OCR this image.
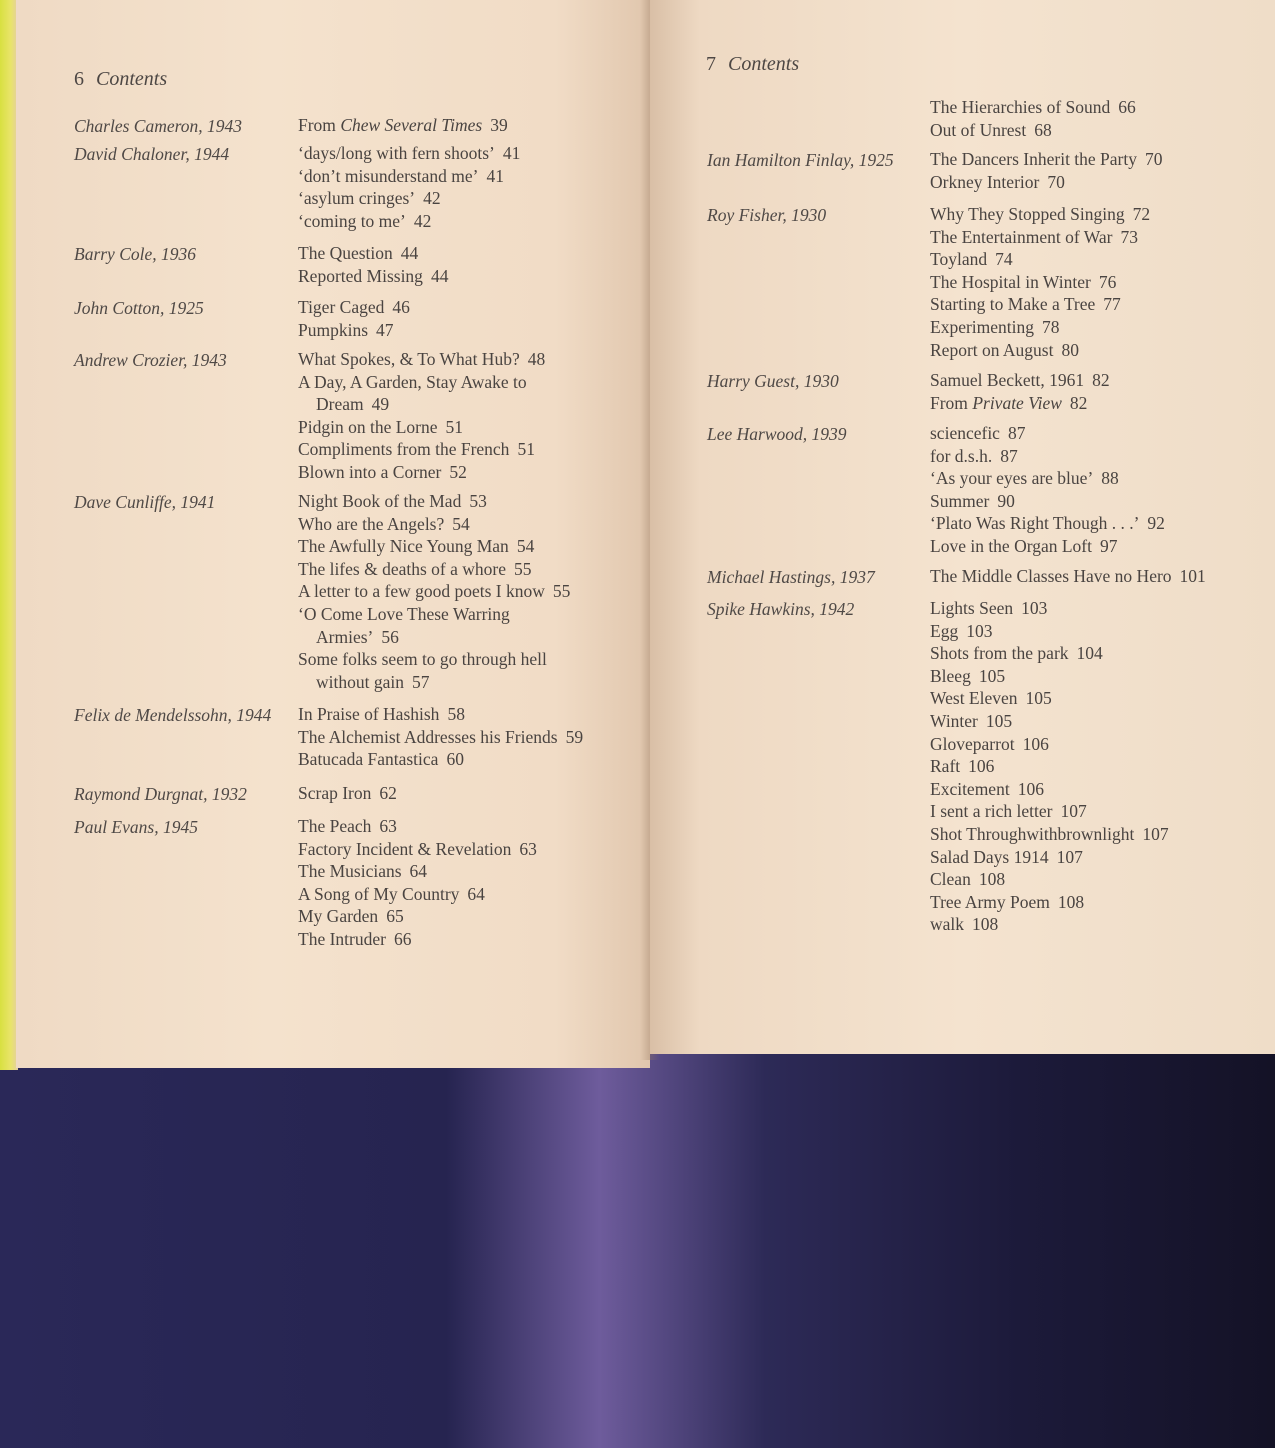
6 Contents
Charles Cameron, 1943	From Chew Several Times 39
David Chaloner, 1944	‘days/long with fern shoots’ 41
‘don’t misunderstand me’ 41
‘asylum cringes’ 42
‘coming to me’ 42
Barry Cole, 1936	The Question 44
Reported Missing 44
John Cotton, 1925	Tiger Caged 46
Pumpkins 47
Andrew Crozier, 1943	What Spokes, & To What Hub? 48
A Day, A Garden, Stay Awake to
Dream 49
Pidgin on the Lorne 51
Compliments from the French 51
Blown into a Corner 52
Dave Cunliffe, 1941	Night Book of the Mad 53
Who are the Angels? 54
The Awfully Nice Young Man 54
The lifes & deaths of a whore 55
A letter to a few good poets I know 55
‘O Come Love These Warring
Armies’ 56
Some folks seem to go through hell
without gain 57
Felix de Mendelssohn, 1944 In Praise of Hashish 58
The Alchemist Addresses his Friends 59
Batucada Fantastica 60
Raymond Durgnat, 1932	Scrap Iron 62
Paul Evans, 1945	The Peach 63
Factory Incident & Revelation 63
The Musicians 64
A Song of My Country 64
My Garden 65
The Intruder 66
7 Contents
The Hierarchies of Sound 66
Out of Unrest 68
Ian Hamilton Finlay, 1925 The Dancers Inherit the Party 70
Orkney Interior 70
Roy Fisher, 1930	Why They Stopped Singing 72
The Entertainment of War 73
Toyland 74
The Hospital in Winter 76
Starting to Make a Tree 77
Experimenting 78
Report on August 80
Harry Guest, 1930	Samuel Beckett, 1961 82
From Private View 82
Lee Harwood, 1939	sciencefic 87
for d.s.h. 87
‘As your eyes are blue’ 88
Summer 90
‘Plato Was Right Though . . .’ 92
Love in the Organ Loft 97
Michael Hastings, 1937	The Middle Classes Have no Hero 101
Spike Hawkins, 1942	Lights Seen 103
Egg 103
Shots from the park 104
Bleeg 105
West Eleven 105
Winter 105
Gloveparrot 106
Raft 106
Excitement 106
I sent a rich letter 107
Shot Throughwithbrownlight 107
Salad Days 1914 107
Clean 108
Tree Army Poem 108
walk 108
